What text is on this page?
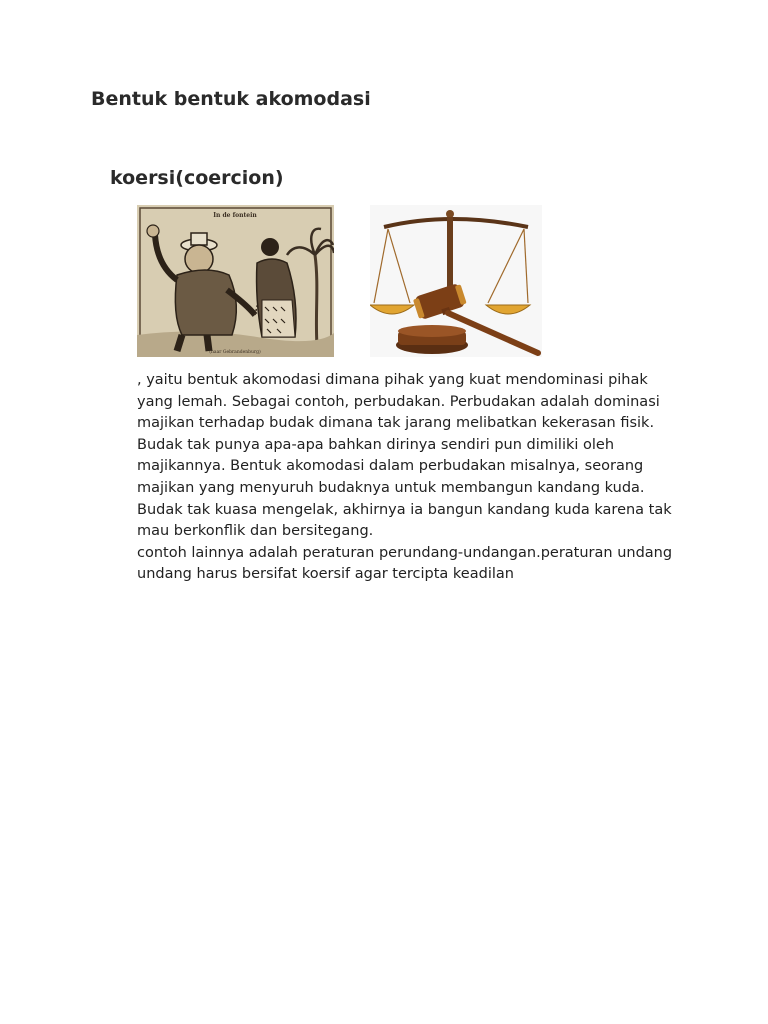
Bentuk bentuk akomodasi
koersi(coercion)
In de fontein
(naar Gebrandenburg)

, yaitu bentuk akomodasi dimana pihak yang kuat mendominasi pihak yang lemah. Sebagai contoh, perbudakan. Perbudakan adalah dominasi majikan terhadap budak dimana tak jarang melibatkan kekerasan fisik. Budak tak punya apa-apa bahkan dirinya sendiri pun dimiliki oleh majikannya. Bentuk akomodasi dalam perbudakan misalnya, seorang majikan yang menyuruh budaknya untuk membangun kandang kuda. Budak tak kuasa mengelak, akhirnya ia bangun kandang kuda karena tak mau berkonflik dan bersitegang.

contoh lainnya adalah peraturan perundang-undangan.peraturan undang undang harus bersifat koersif agar tercipta keadilan
